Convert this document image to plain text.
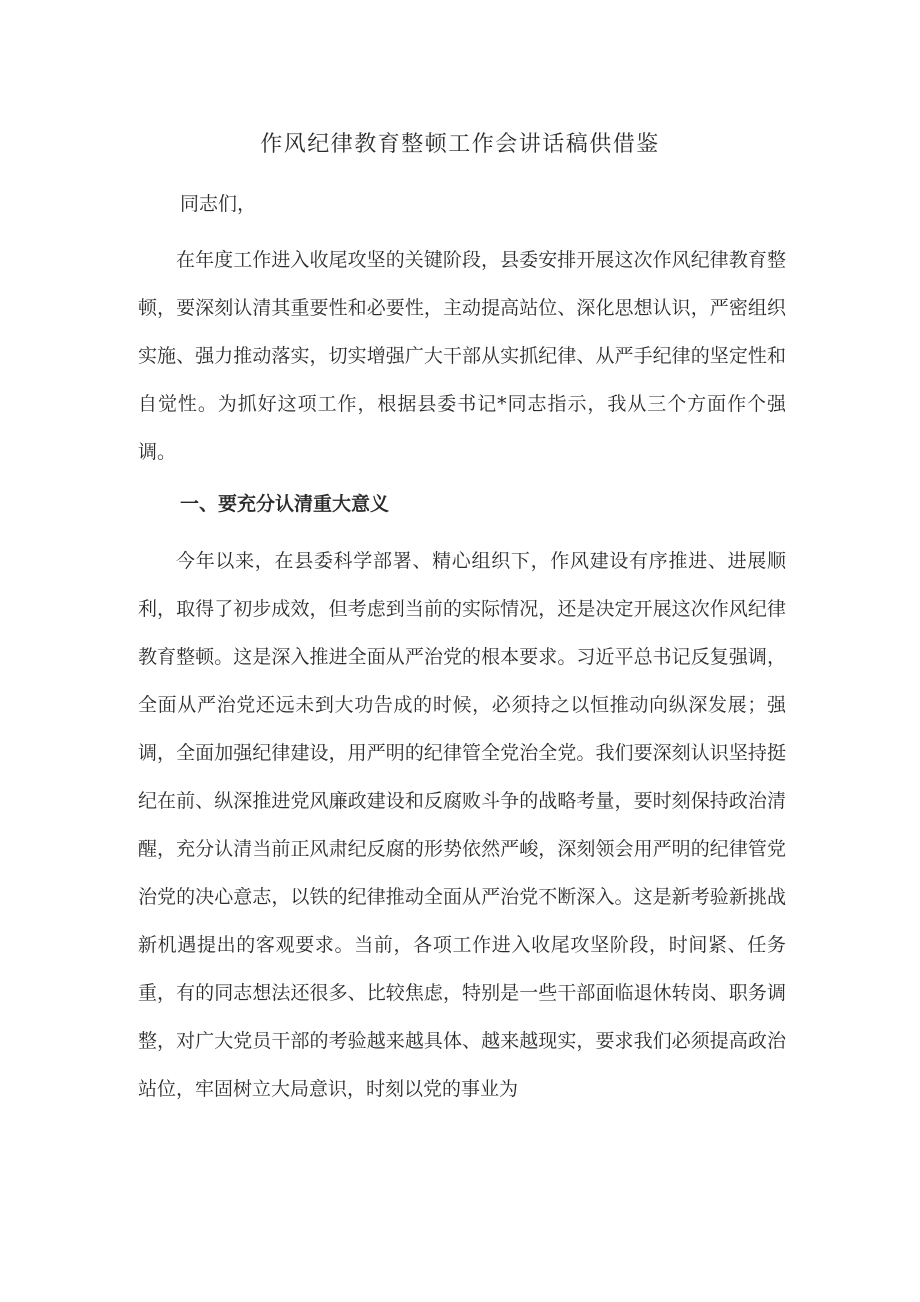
作风纪律教育整顿工作会讲话稿供借鉴

同志们，

在年度工作进入收尾攻坚的关键阶段，县委安排开展这次作风纪律教育整顿，要深刻认清其重要性和必要性，主动提高站位、深化思想认识，严密组织实施、强力推动落实，切实增强广大干部从实抓纪律、从严手纪律的坚定性和自觉性。为抓好这项工作，根据县委书记*同志指示，我从三个方面作个强调。

一、要充分认清重大意义

今年以来，在县委科学部署、精心组织下，作风建设有序推进、进展顺利，取得了初步成效，但考虑到当前的实际情况，还是决定开展这次作风纪律教育整顿。这是深入推进全面从严治党的根本要求。习近平总书记反复强调，全面从严治党还远未到大功告成的时候，必须持之以恒推动向纵深发展；强调，全面加强纪律建设，用严明的纪律管全党治全党。我们要深刻认识坚持挺纪在前、纵深推进党风廉政建设和反腐败斗争的战略考量，要时刻保持政治清醒，充分认清当前正风肃纪反腐的形势依然严峻，深刻领会用严明的纪律管党治党的决心意志，以铁的纪律推动全面从严治党不断深入。这是新考验新挑战新机遇提出的客观要求。当前，各项工作进入收尾攻坚阶段，时间紧、任务重，有的同志想法还很多、比较焦虑，特别是一些干部面临退休转岗、职务调整，对广大党员干部的考验越来越具体、越来越现实，要求我们必须提高政治站位，牢固树立大局意识，时刻以党的事业为
